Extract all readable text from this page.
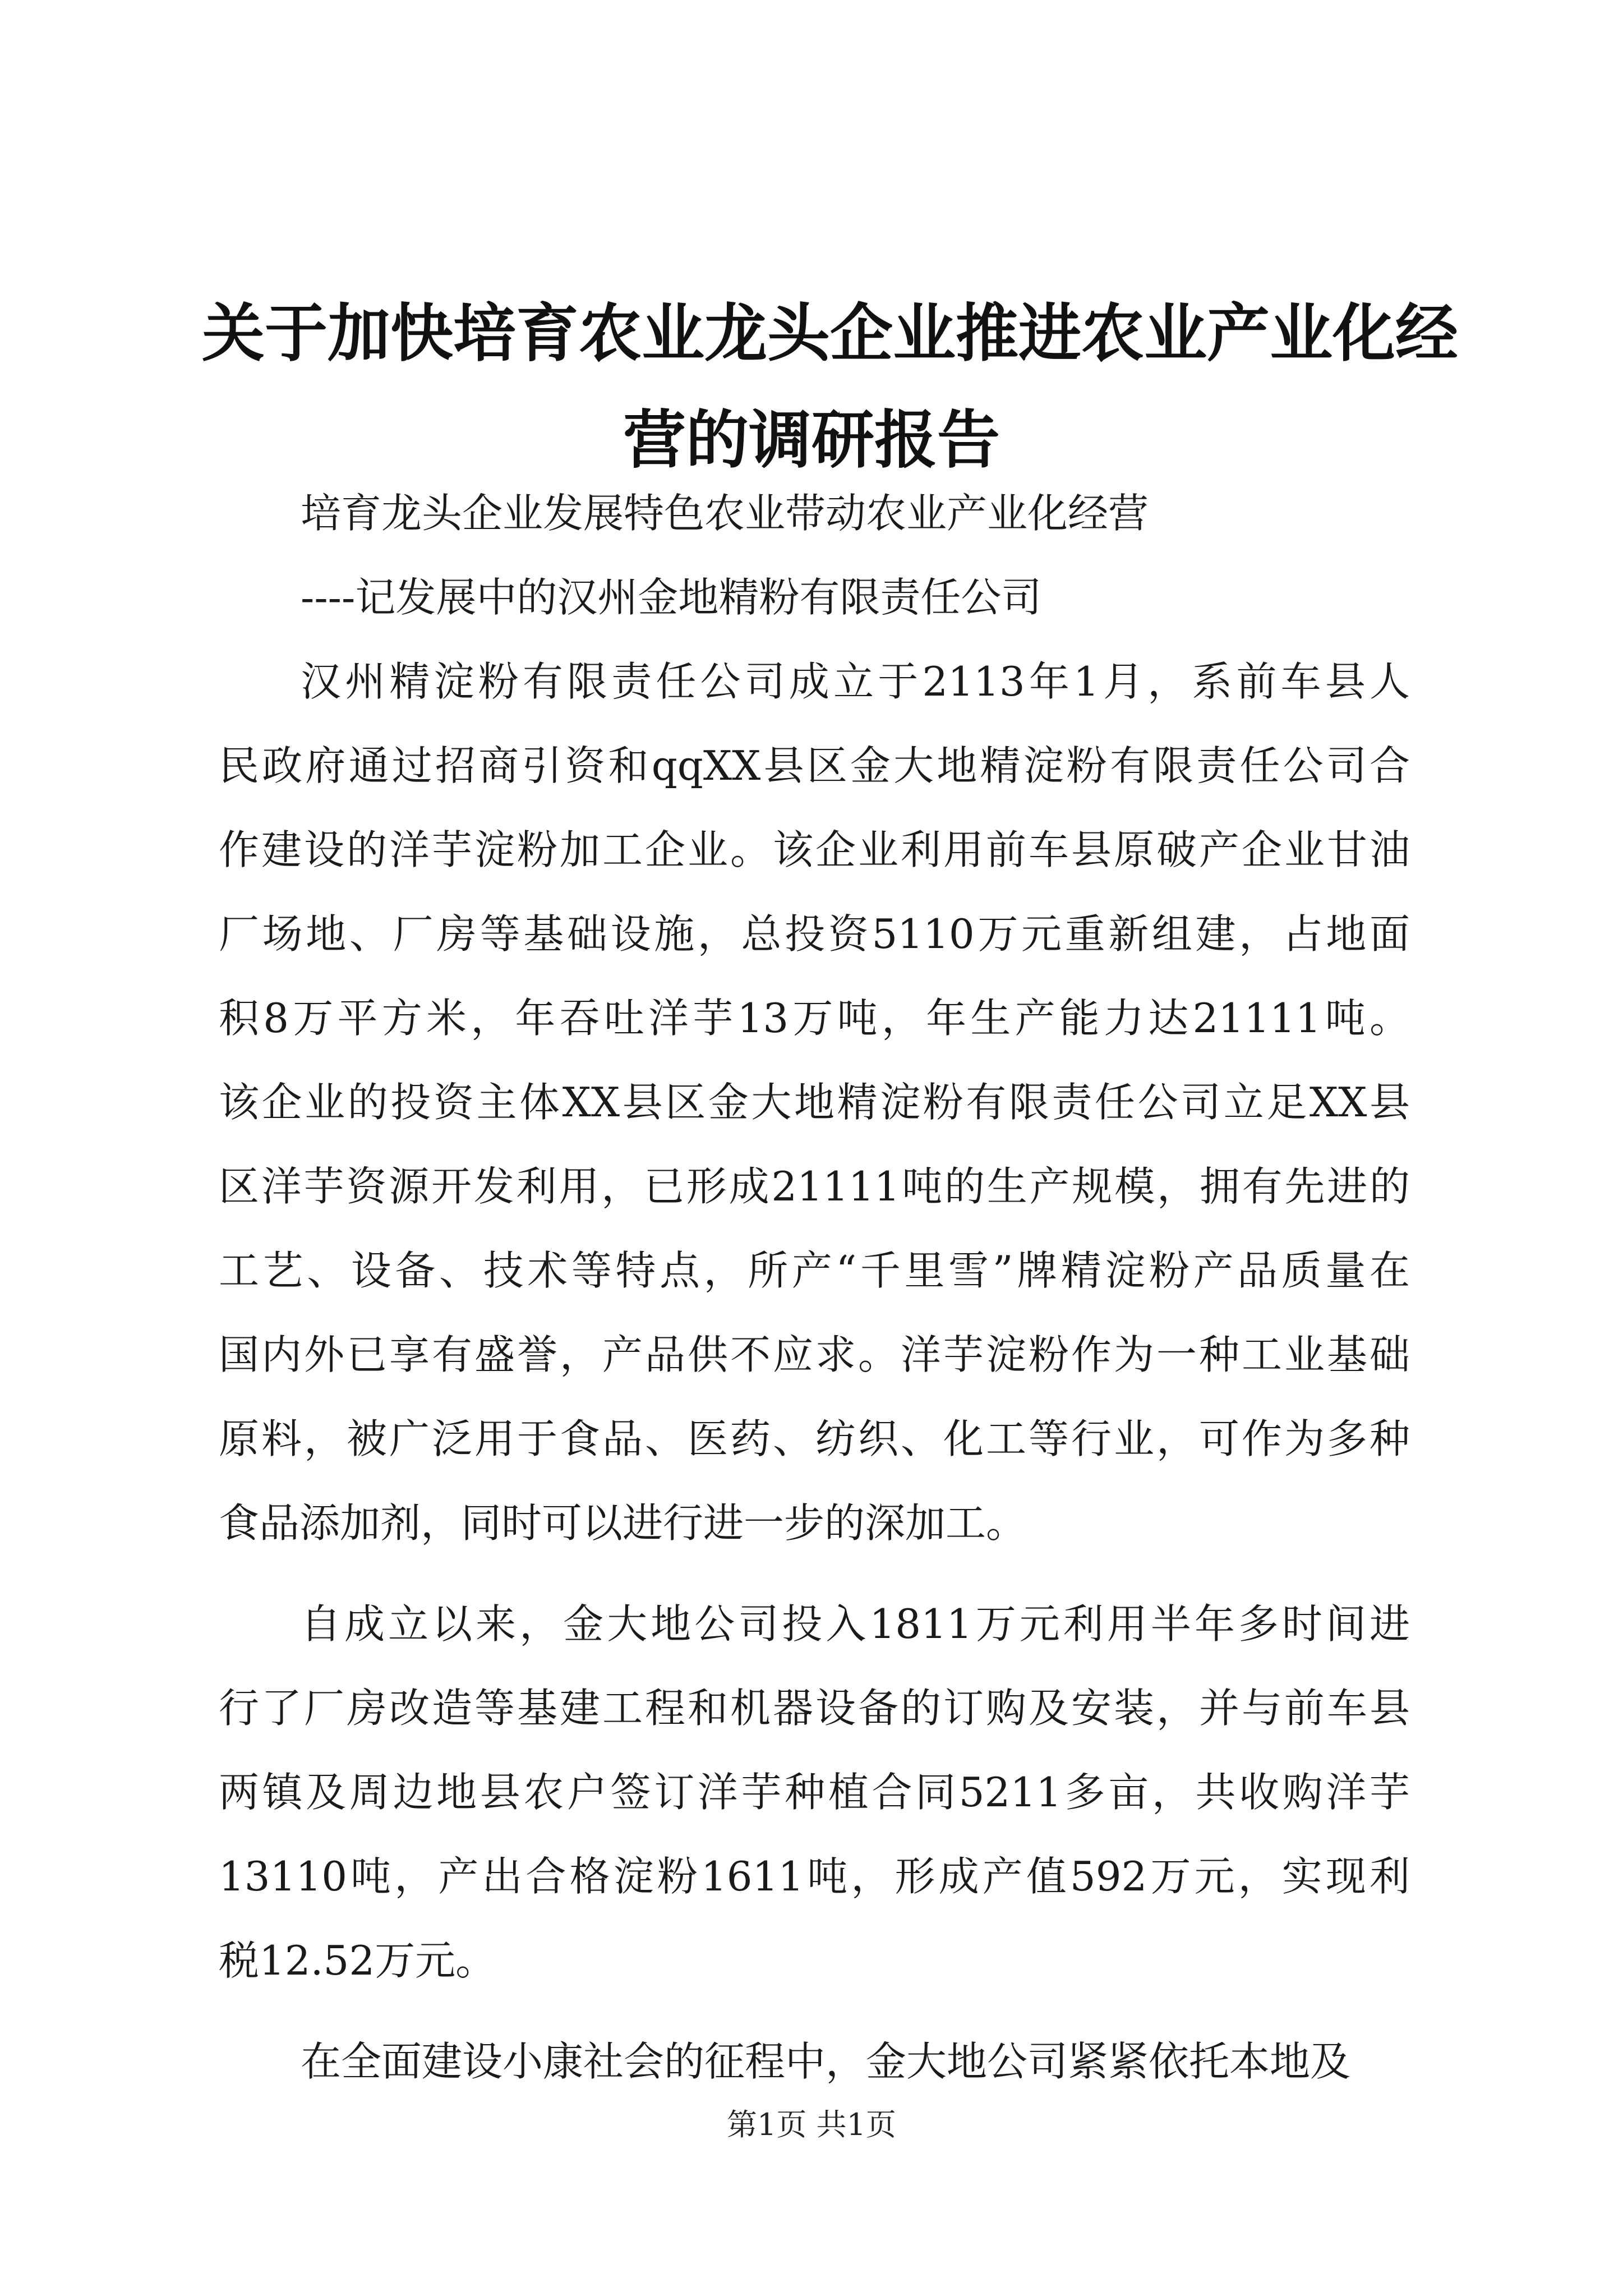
关于加快培育农业龙头企业推进农业产业化经
营的调研报告

培育龙头企业发展特色农业带动农业产业化经营

----记发展中的汉州金地精粉有限责任公司

汉州精淀粉有限责任公司成立于2113年1月，系前车县人
民政府通过招商引资和qqXX县区金大地精淀粉有限责任公司合
作建设的洋芋淀粉加工企业。该企业利用前车县原破产企业甘油
厂场地、厂房等基础设施，总投资5110万元重新组建，占地面
积8万平方米，年吞吐洋芋13万吨，年生产能力达21111吨。
该企业的投资主体XX县区金大地精淀粉有限责任公司立足XX县
区洋芋资源开发利用，已形成21111吨的生产规模，拥有先进的
工艺、设备、技术等特点，所产“千里雪”牌精淀粉产品质量在
国内外已享有盛誉，产品供不应求。洋芋淀粉作为一种工业基础
原料，被广泛用于食品、医药、纺织、化工等行业，可作为多种
食品添加剂，同时可以进行进一步的深加工。
自成立以来，金大地公司投入1811万元利用半年多时间进
行了厂房改造等基建工程和机器设备的订购及安装，并与前车县
两镇及周边地县农户签订洋芋种植合同5211多亩，共收购洋芋
13110吨，产出合格淀粉1611吨，形成产值592万元，实现利
税12.52万元。
在全面建设小康社会的征程中，金大地公司紧紧依托本地及
第1页 共1页
